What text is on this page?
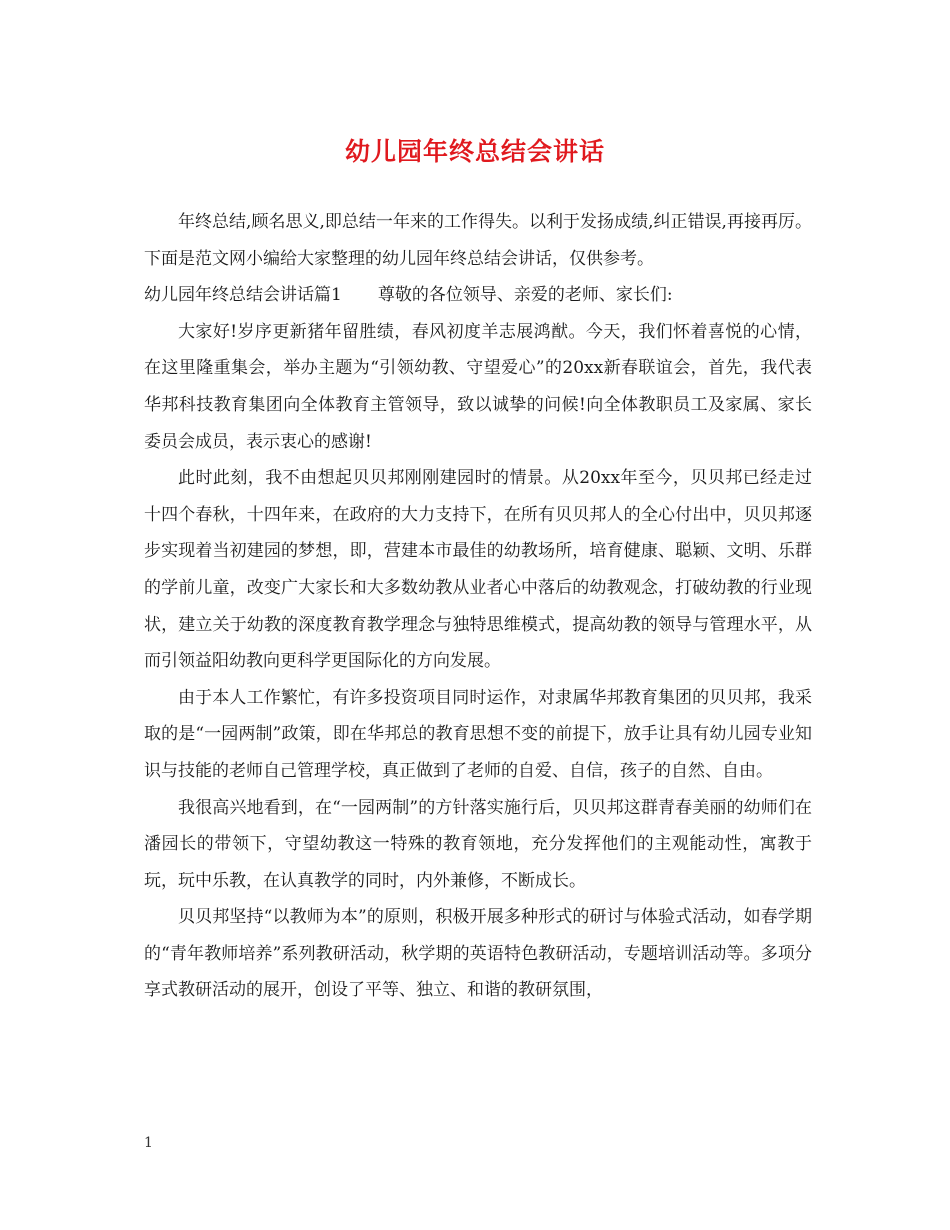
幼儿园年终总结会讲话

年终总结,顾名思义,即总结一年来的工作得失。以利于发扬成绩,纠正错误,再接再厉。下面是范文网小编给大家整理的幼儿园年终总结会讲话，仅供参考。

幼儿园年终总结会讲话篇1 尊敬的各位领导、亲爱的老师、家长们:

大家好!岁序更新猪年留胜绩，春风初度羊志展鸿猷。今天，我们怀着喜悦的心情，在这里隆重集会，举办主题为“引领幼教、守望爱心”的20xx新春联谊会，首先，我代表华邦科技教育集团向全体教育主管领导，致以诚挚的问候!向全体教职员工及家属、家长委员会成员，表示衷心的感谢!

此时此刻，我不由想起贝贝邦刚刚建园时的情景。从20xx年至今，贝贝邦已经走过十四个春秋，十四年来，在政府的大力支持下，在所有贝贝邦人的全心付出中，贝贝邦逐步实现着当初建园的梦想，即，营建本市最佳的幼教场所，培育健康、聪颖、文明、乐群的学前儿童，改变广大家长和大多数幼教从业者心中落后的幼教观念，打破幼教的行业现状，建立关于幼教的深度教育教学理念与独特思维模式，提高幼教的领导与管理水平，从而引领益阳幼教向更科学更国际化的方向发展。

由于本人工作繁忙，有许多投资项目同时运作，对隶属华邦教育集团的贝贝邦，我采取的是“一园两制”政策，即在华邦总的教育思想不变的前提下，放手让具有幼儿园专业知识与技能的老师自己管理学校，真正做到了老师的自爱、自信，孩子的自然、自由。

我很高兴地看到，在“一园两制”的方针落实施行后，贝贝邦这群青春美丽的幼师们在潘园长的带领下，守望幼教这一特殊的教育领地，充分发挥他们的主观能动性，寓教于玩，玩中乐教，在认真教学的同时，内外兼修，不断成长。

贝贝邦坚持“以教师为本”的原则，积极开展多种形式的研讨与体验式活动，如春学期的“青年教师培养”系列教研活动，秋学期的英语特色教研活动，专题培训活动等。多项分享式教研活动的展开，创设了平等、独立、和谐的教研氛围，

1
